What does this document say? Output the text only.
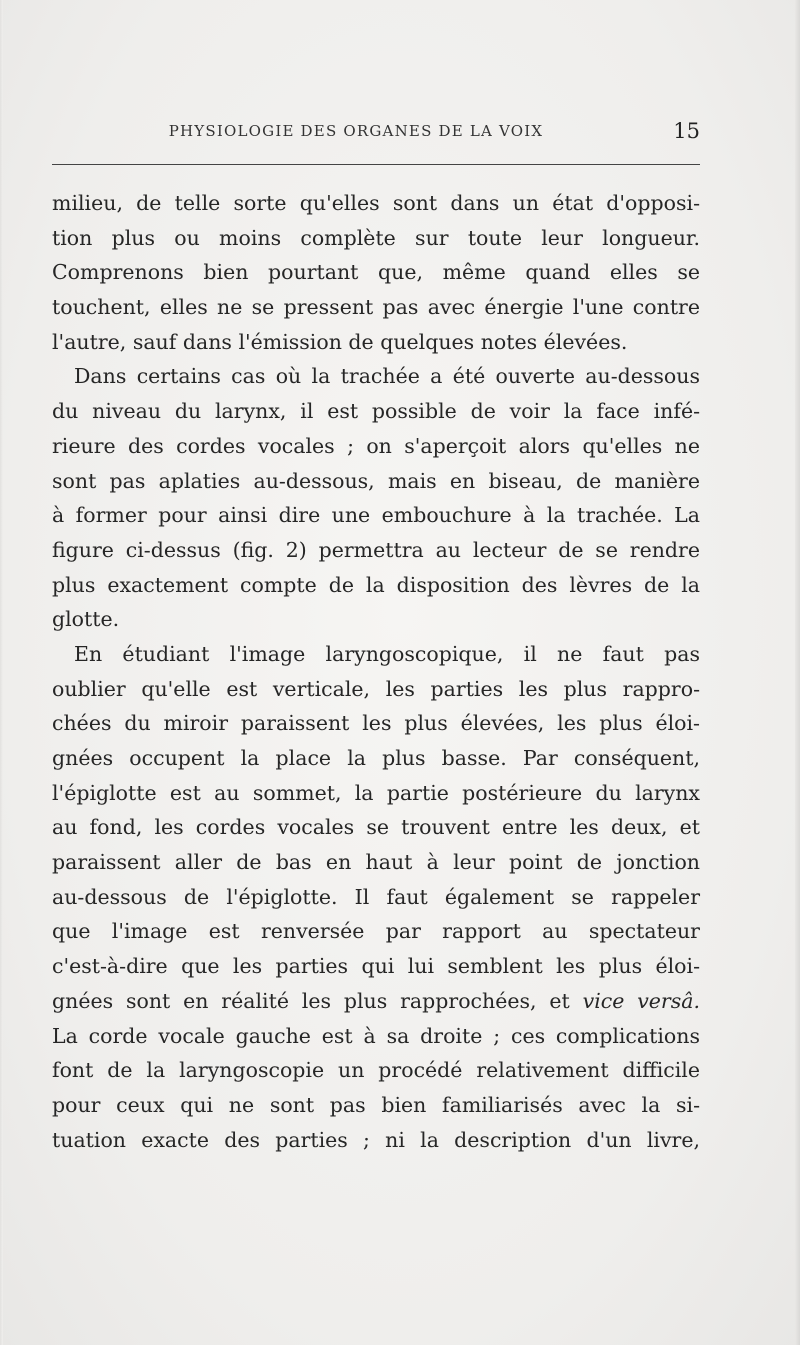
PHYSIOLOGIE DES ORGANES DE LA VOIX	15
milieu, de telle sorte qu'elles sont dans un état d'opposi-
tion plus ou moins complète sur toute leur longueur.
Comprenons bien pourtant que, même quand elles se
touchent, elles ne se pressent pas avec énergie l'une contre
l'autre, sauf dans l'émission de quelques notes élevées.
Dans certains cas où la trachée a été ouverte au-dessous
du niveau du larynx, il est possible de voir la face infé-
rieure des cordes vocales ; on s'aperçoit alors qu'elles ne
sont pas aplaties au-dessous, mais en biseau, de manière
à former pour ainsi dire une embouchure à la trachée. La
figure ci-dessus (fig. 2) permettra au lecteur de se rendre
plus exactement compte de la disposition des lèvres de la
glotte.
En étudiant l'image laryngoscopique, il ne faut pas
oublier qu'elle est verticale, les parties les plus rappro-
chées du miroir paraissent les plus élevées, les plus éloi-
gnées occupent la place la plus basse. Par conséquent,
l'épiglotte est au sommet, la partie postérieure du larynx
au fond, les cordes vocales se trouvent entre les deux, et
paraissent aller de bas en haut à leur point de jonction
au-dessous de l'épiglotte. Il faut également se rappeler
que l'image est renversée par rapport au spectateur
c'est-à-dire que les parties qui lui semblent les plus éloi-
gnées sont en réalité les plus rapprochées, et vice versâ.
La corde vocale gauche est à sa droite ; ces complications
font de la laryngoscopie un procédé relativement difficile
pour ceux qui ne sont pas bien familiarisés avec la si-
tuation exacte des parties ; ni la description d'un livre,
